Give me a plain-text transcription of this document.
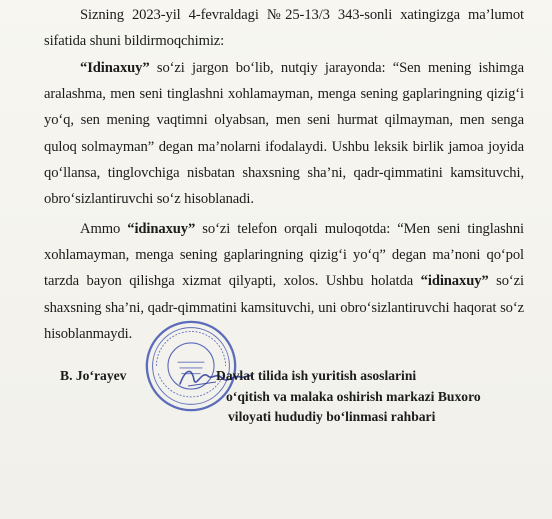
Sizning 2023-yil 4-fevraldagi №25-13/3 343-sonli xatingizga ma’lumot
sifatida shuni bildirmoqchimiz:
“Idinaxuy” so‘zi jargon bo‘lib, nutqiy jarayonda: “Sen mening ishimga
aralashma, men seni tinglashni xohlamayman, menga sening gaplaringning qizig‘i
yo‘q, sen mening vaqtimni olyabsan, men seni hurmat qilmayman, men senga
quloq solmayman” degan ma’nolarni ifodalaydi. Ushbu leksik birlik jamoa joyida
qo‘llansa, tinglovchiga nisbatan shaxsning sha’ni, qadr-qimmatini kamsituvchi,
obro‘sizlantiruvchi so‘z hisoblanadi.
Ammo “idinaxuy” so‘zi telefon orqali muloqotda: “Men seni tinglashni
xohlamayman, menga sening gaplaringning qizig‘i yo‘q” degan ma’noni qo‘pol
tarzda bayon qilishga xizmat qilyapti, xolos. Ushbu holatda “idinaxuy” so‘zi
shaxsning sha’ni, qadr-qimmatini kamsituvchi, uni obro‘sizlantiruvchi haqorat so‘z
hisoblanmaydi.
B. Jo‘rayev	Davlat tilida ish yuritish asoslarini
o‘qitish va malaka oshirish markazi Buxoro
viloyati hududiy bo‘linmasi rahbari
